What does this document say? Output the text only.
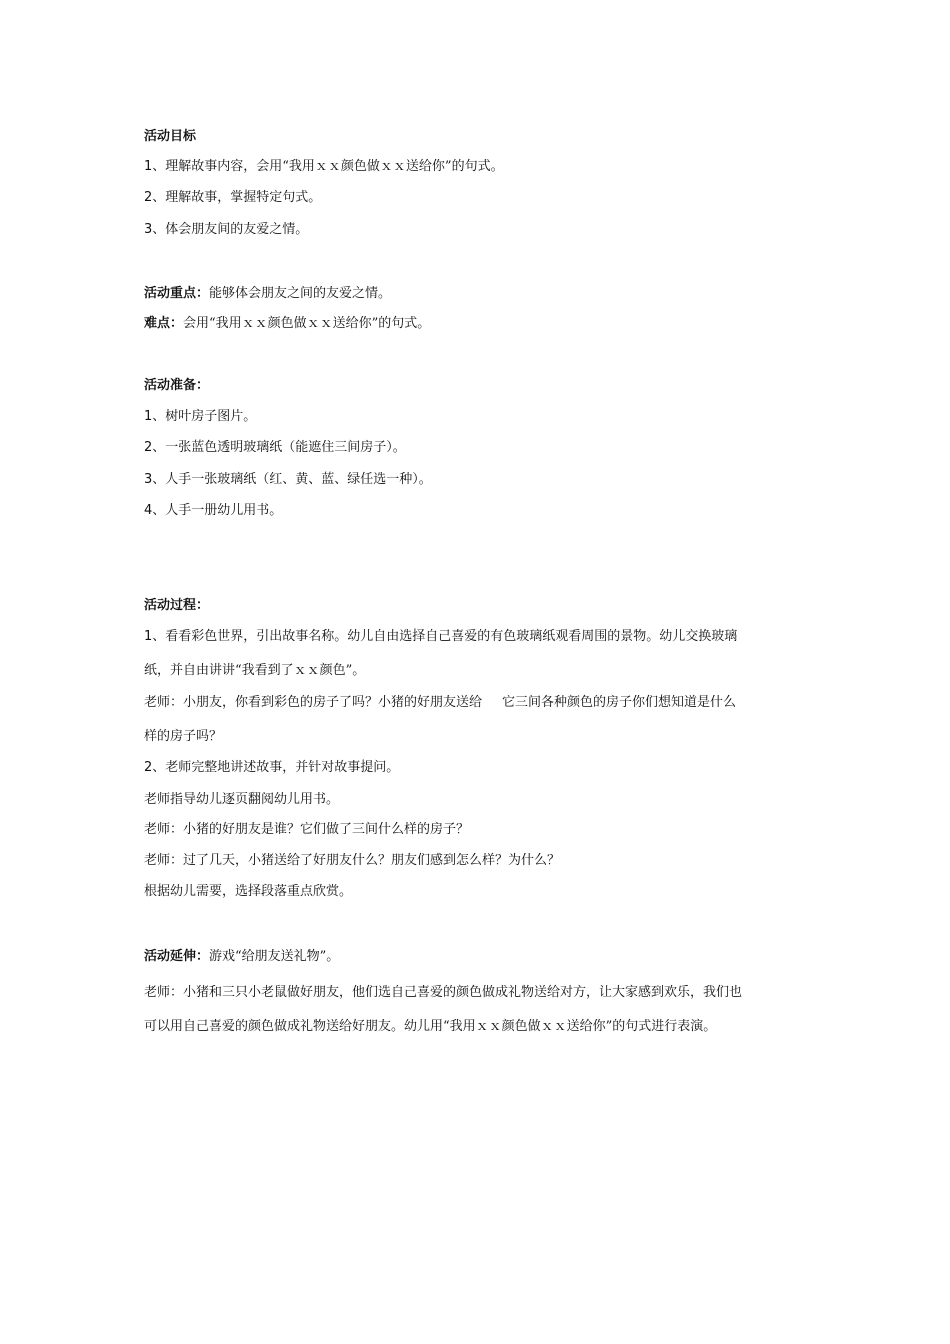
活动目标
1、理解故事内容，会用“我用ｘｘ颜色做ｘｘ送给你”的句式。
2、理解故事，掌握特定句式。
3、体会朋友间的友爱之情。
活动重点：能够体会朋友之间的友爱之情。
难点：会用“我用ｘｘ颜色做ｘｘ送给你”的句式。
活动准备：
1、树叶房子图片。
2、一张蓝色透明玻璃纸（能遮住三间房子）。
3、人手一张玻璃纸（红、黄、蓝、绿任选一种）。
4、人手一册幼儿用书。
活动过程：
1、看看彩色世界，引出故事名称。幼儿自由选择自己喜爱的有色玻璃纸观看周围的景物。幼儿交换玻璃
纸，并自由讲讲“我看到了ｘｘ颜色”。
老师：小朋友，你看到彩色的房子了吗？小猪的好朋友送给 它三间各种颜色的房子你们想知道是什么
样的房子吗？
2、老师完整地讲述故事，并针对故事提问。
老师指导幼儿逐页翻阅幼儿用书。
老师：小猪的好朋友是谁？它们做了三间什么样的房子？
老师：过了几天，小猪送给了好朋友什么？朋友们感到怎么样？为什么？
根据幼儿需要，选择段落重点欣赏。
活动延伸：游戏“给朋友送礼物”。
老师：小猪和三只小老鼠做好朋友，他们选自己喜爱的颜色做成礼物送给对方，让大家感到欢乐，我们也
可以用自己喜爱的颜色做成礼物送给好朋友。幼儿用“我用ｘｘ颜色做ｘｘ送给你”的句式进行表演。
